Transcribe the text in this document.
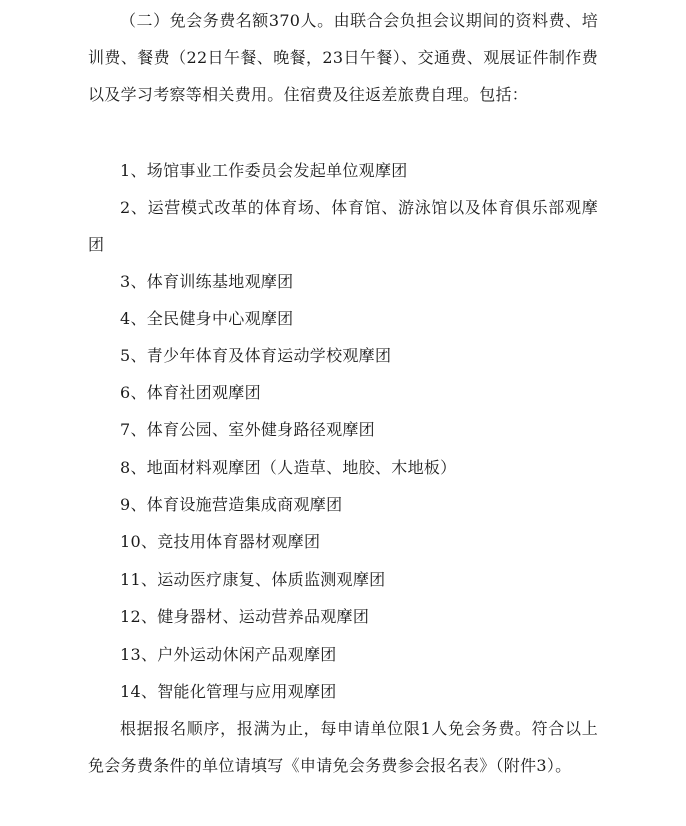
（二）免会务费名额370人。由联合会负担会议期间的资料费、培训费、餐费（22日午餐、晚餐，23日午餐）、交通费、观展证件制作费以及学习考察等相关费用。住宿费及往返差旅费自理。包括：

1、场馆事业工作委员会发起单位观摩团

2、运营模式改革的体育场、体育馆、游泳馆以及体育俱乐部观摩团

3、体育训练基地观摩团

4、全民健身中心观摩团

5、青少年体育及体育运动学校观摩团

6、体育社团观摩团

7、体育公园、室外健身路径观摩团

8、地面材料观摩团（人造草、地胶、木地板）

9、体育设施营造集成商观摩团

10、竞技用体育器材观摩团

11、运动医疗康复、体质监测观摩团

12、健身器材、运动营养品观摩团

13、户外运动休闲产品观摩团

14、智能化管理与应用观摩团

根据报名顺序，报满为止，每申请单位限1人免会务费。符合以上免会务费条件的单位请填写《申请免会务费参会报名表》（附件3）。
